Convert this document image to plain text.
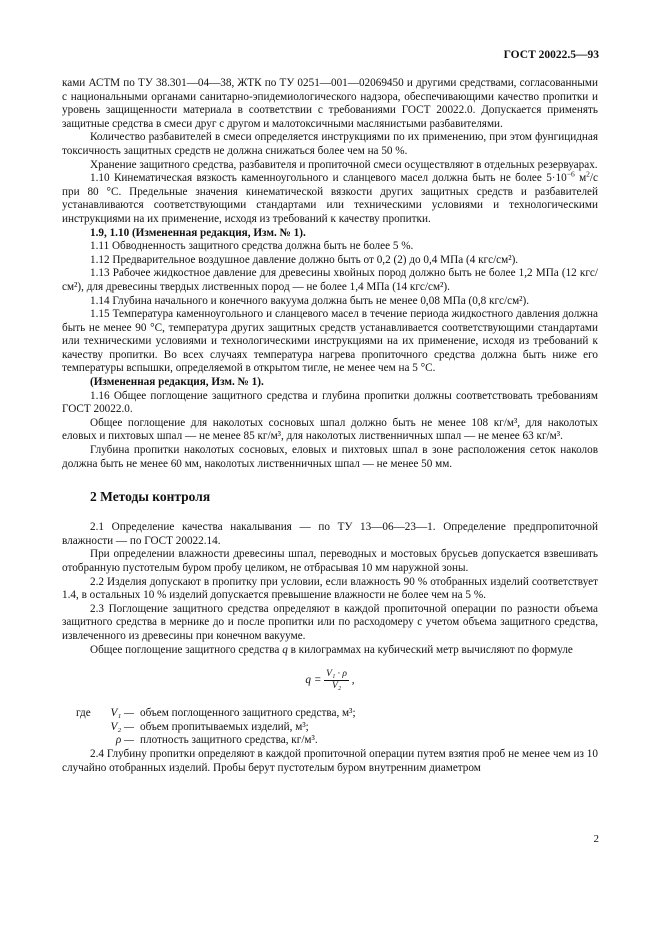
ГОСТ 20022.5—93

ками АСТМ по ТУ 38.301—04—38, ЖТК по ТУ 0251—001—02069450 и другими средствами, согласованными с национальными органами санитарно-эпидемиологического надзора, обеспечивающими качество пропитки и уровень защищенности материала в соответствии с требованиями ГОСТ 20022.0. Допускается применять защитные средства в смеси друг с другом и малотоксичными маслянистыми разбавителями.

Количество разбавителей в смеси определяется инструкциями по их применению, при этом фунгицидная токсичность защитных средств не должна снижаться более чем на 50 %.

Хранение защитного средства, разбавителя и пропиточной смеси осуществляют в отдельных резервуарах.

1.10 Кинематическая вязкость каменноугольного и сланцевого масел должна быть не более $5\cdot 10^{-6}$ $м^2/с$ при 80 °С. Предельные значения кинематической вязкости других защитных средств и разбавителей устанавливаются соответствующими стандартами или техническими условиями и технологическими инструкциями на их применение, исходя из требований к качеству пропитки.

1.9, 1.10 (Измененная редакция, Изм. № 1).

1.11 Обводненность защитного средства должна быть не более 5 %.

1.12 Предварительное воздушное давление должно быть от 0,2 (2) до 0,4 МПа (4 кгс/см²).

1.13 Рабочее жидкостное давление для древесины хвойных пород должно быть не более 1,2 МПа (12 кгс/см²), для древесины твердых лиственных пород — не более 1,4 МПа (14 кгс/см²).

1.14 Глубина начального и конечного вакуума должна быть не менее 0,08 МПа (0,8 кгс/см²).

1.15 Температура каменноугольного и сланцевого масел в течение периода жидкостного давления должна быть не менее 90 °С, температура других защитных средств устанавливается соответствующими стандартами или техническими условиями и технологическими инструкциями на их применение, исходя из требований к качеству пропитки. Во всех случаях температура нагрева пропиточного средства должна быть ниже его температуры вспышки, определяемой в открытом тигле, не менее чем на 5 °С.

(Измененная редакция, Изм. № 1).

1.16 Общее поглощение защитного средства и глубина пропитки должны соответствовать требованиям ГОСТ 20022.0.

Общее поглощение для наколотых сосновых шпал должно быть не менее 108 кг/м³, для наколотых еловых и пихтовых шпал — не менее 85 кг/м³, для наколотых лиственничных шпал — не менее 63 кг/м³.

Глубина пропитки наколотых сосновых, еловых и пихтовых шпал в зоне расположения сеток наколов должна быть не менее 60 мм, наколотых лиственничных шпал — не менее 50 мм.

2 Методы контроля

2.1 Определение качества накалывания — по ТУ 13—06—23—1. Определение предпропиточной влажности — по ГОСТ 20022.14.

При определении влажности древесины шпал, переводных и мостовых брусьев допускается взвешивать отобранную пустотелым буром пробу целиком, не отбрасывая 10 мм наружной зоны.

2.2 Изделия допускают в пропитку при условии, если влажность 90 % отобранных изделий соответствует 1.4, в остальных 10 % изделий допускается превышение влажности не более чем на 5 %.

2.3 Поглощение защитного средства определяют в каждой пропиточной операции по разности объема защитного средства в мернике до и после пропитки или по расходомеру с учетом объема защитного средства, извлеченного из древесины при конечном вакууме.

Общее поглощение защитного средства q в килограммах на кубический метр вычисляют по формуле

$q = \frac{\text{V₁ · ρ}}{\text{V₂}}$ ,
где	V₁ — объем поглощенного защитного средства, м³;
V₂ — объем пропитываемых изделий, м³;
ρ — плотность защитного средства, кг/м³.

2.4 Глубину пропитки определяют в каждой пропиточной операции путем взятия проб не менее чем из 10 случайно отобранных изделий. Пробы берут пустотелым буром внутренним диаметром

2
